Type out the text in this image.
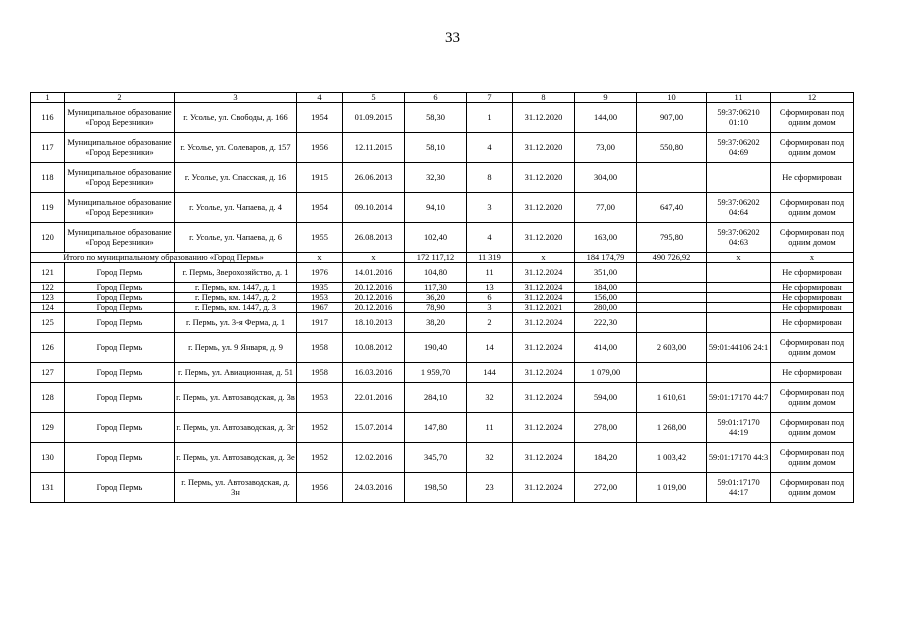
33
1	2	3	4	5	6	7	8	9	10	11	12
116	Муниципальное образование «Город Березники»	г. Усолье, ул. Свободы, д. 166	1954	01.09.2015	58,30	1	31.12.2020	144,00	907,00	59:37:06210 01:10	Сформирован под одним домом
117	Муниципальное образование «Город Березники»	г. Усолье, ул. Солеваров, д. 157	1956	12.11.2015	58,10	4	31.12.2020	73,00	550,80	59:37:06202 04:69	Сформирован под одним домом
118	Муниципальное образование «Город Березники»	г. Усолье, ул. Спасская, д. 16	1915	26.06.2013	32,30	8	31.12.2020	304,00			Не сформирован
119	Муниципальное образование «Город Березники»	г. Усолье, ул. Чапаева, д. 4	1954	09.10.2014	94,10	3	31.12.2020	77,00	647,40	59:37:06202 04:64	Сформирован под одним домом
120	Муниципальное образование «Город Березники»	г. Усолье, ул. Чапаева, д. 6	1955	26.08.2013	102,40	4	31.12.2020	163,00	795,80	59:37:06202 04:63	Сформирован под одним домом
Итого по муниципальному образованию «Город Пермь»			x	x	172 117,12	11 319	x	184 174,79	490 726,92	x	x
121	Город Пермь	г. Пермь, Зверохозяйство, д. 1	1976	14.01.2016	104,80	11	31.12.2024	351,00			Не сформирован
122	Город Пермь	г. Пермь, км. 1447, д. 1	1935	20.12.2016	117,30	13	31.12.2024	184,00			Не сформирован
123	Город Пермь	г. Пермь, км. 1447, д. 2	1953	20.12.2016	36,20	6	31.12.2024	156,00			Не сформирован
124	Город Пермь	г. Пермь, км. 1447, д. 3	1967	20.12.2016	78,90	3	31.12.2021	280,00			Не сформирован
125	Город Пермь	г. Пермь, ул. 3-я Ферма, д. 1	1917	18.10.2013	38,20	2	31.12.2024	222,30			Не сформирован
126	Город Пермь	г. Пермь, ул. 9 Января, д. 9	1958	10.08.2012	190,40	14	31.12.2024	414,00	2 603,00	59:01:44106 24:1	Сформирован под одним домом
127	Город Пермь	г. Пермь, ул. Авиационная, д. 51	1958	16.03.2016	1 959,70	144	31.12.2024	1 079,00			Не сформирован
128	Город Пермь	г. Пермь, ул. Автозаводская, д. 3в	1953	22.01.2016	284,10	32	31.12.2024	594,00	1 610,61	59:01:17170 44:7	Сформирован под одним домом
129	Город Пермь	г. Пермь, ул. Автозаводская, д. 3г	1952	15.07.2014	147,80	11	31.12.2024	278,00	1 268,00	59:01:17170 44:19	Сформирован под одним домом
130	Город Пермь	г. Пермь, ул. Автозаводская, д. 3е	1952	12.02.2016	345,70	32	31.12.2024	184,20	1 003,42	59:01:17170 44:3	Сформирован под одним домом
131	Город Пермь	г. Пермь, ул. Автозаводская, д. 3н	1956	24.03.2016	198,50	23	31.12.2024	272,00	1 019,00	59:01:17170 44:17	Сформирован под одним домом
